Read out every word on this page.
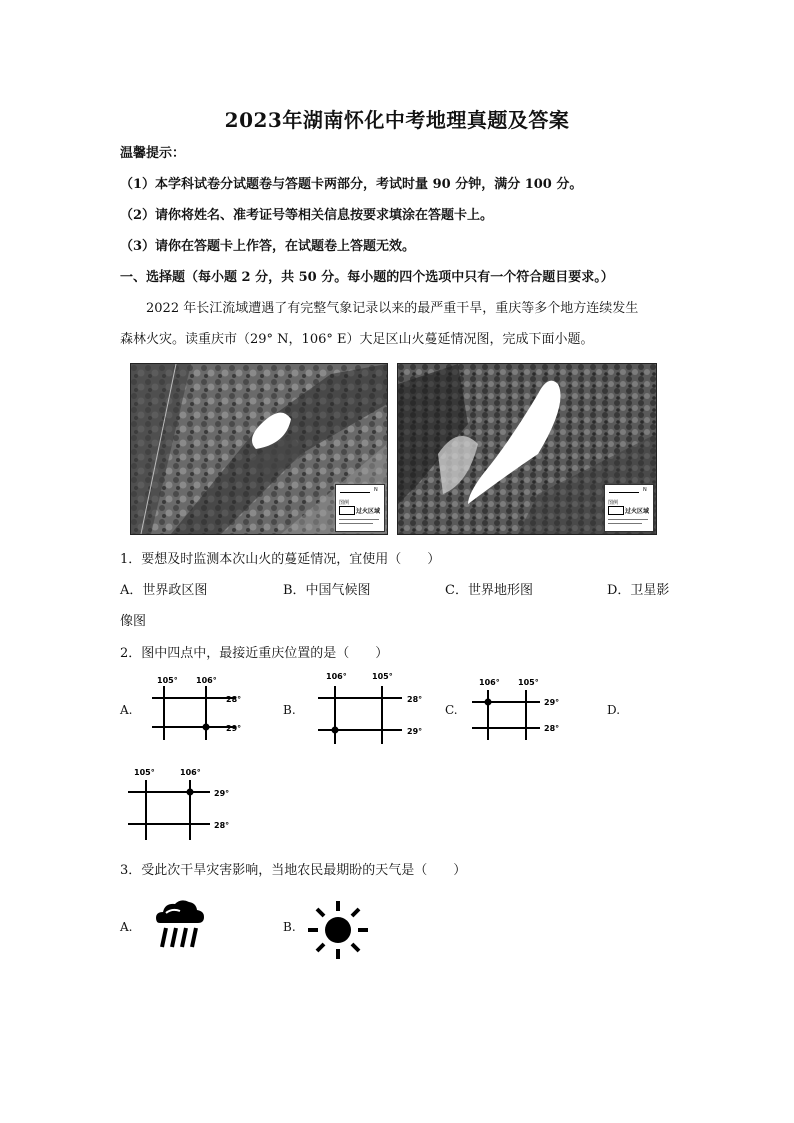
2023年湖南怀化中考地理真题及答案
温馨提示：
（1）本学科试卷分试题卷与答题卡两部分，考试时量 90 分钟，满分 100 分。
（2）请你将姓名、准考证号等相关信息按要求填涂在答题卡上。
（3）请你在答题卡上作答，在试题卷上答题无效。
一、选择题（每小题 2 分，共 50 分。每小题的四个选项中只有一个符合题目要求。）
2022 年长江流域遭遇了有完整气象记录以来的最严重干旱，重庆等多个地方连续发生
森林火灾。读重庆市（29° N，106° E）大足区山火蔓延情况图，完成下面小题。
N
图例
过火区域
N
图例
过火区域
1．要想及时监测本次山火的蔓延情况，宜使用（　　）
A．世界政区图	B．中国气候图	C．世界地形图	D．卫星影
像图
2．图中四点中，最接近重庆位置的是（　　）
A.	B.	C.	D.
105° 106°
28°
29°
106°	105°
28°
29°
106° 105°
29°
28°
105°	106°
29°
28°
3．受此次干旱灾害影响，当地农民最期盼的天气是（　　）
A.	B.
